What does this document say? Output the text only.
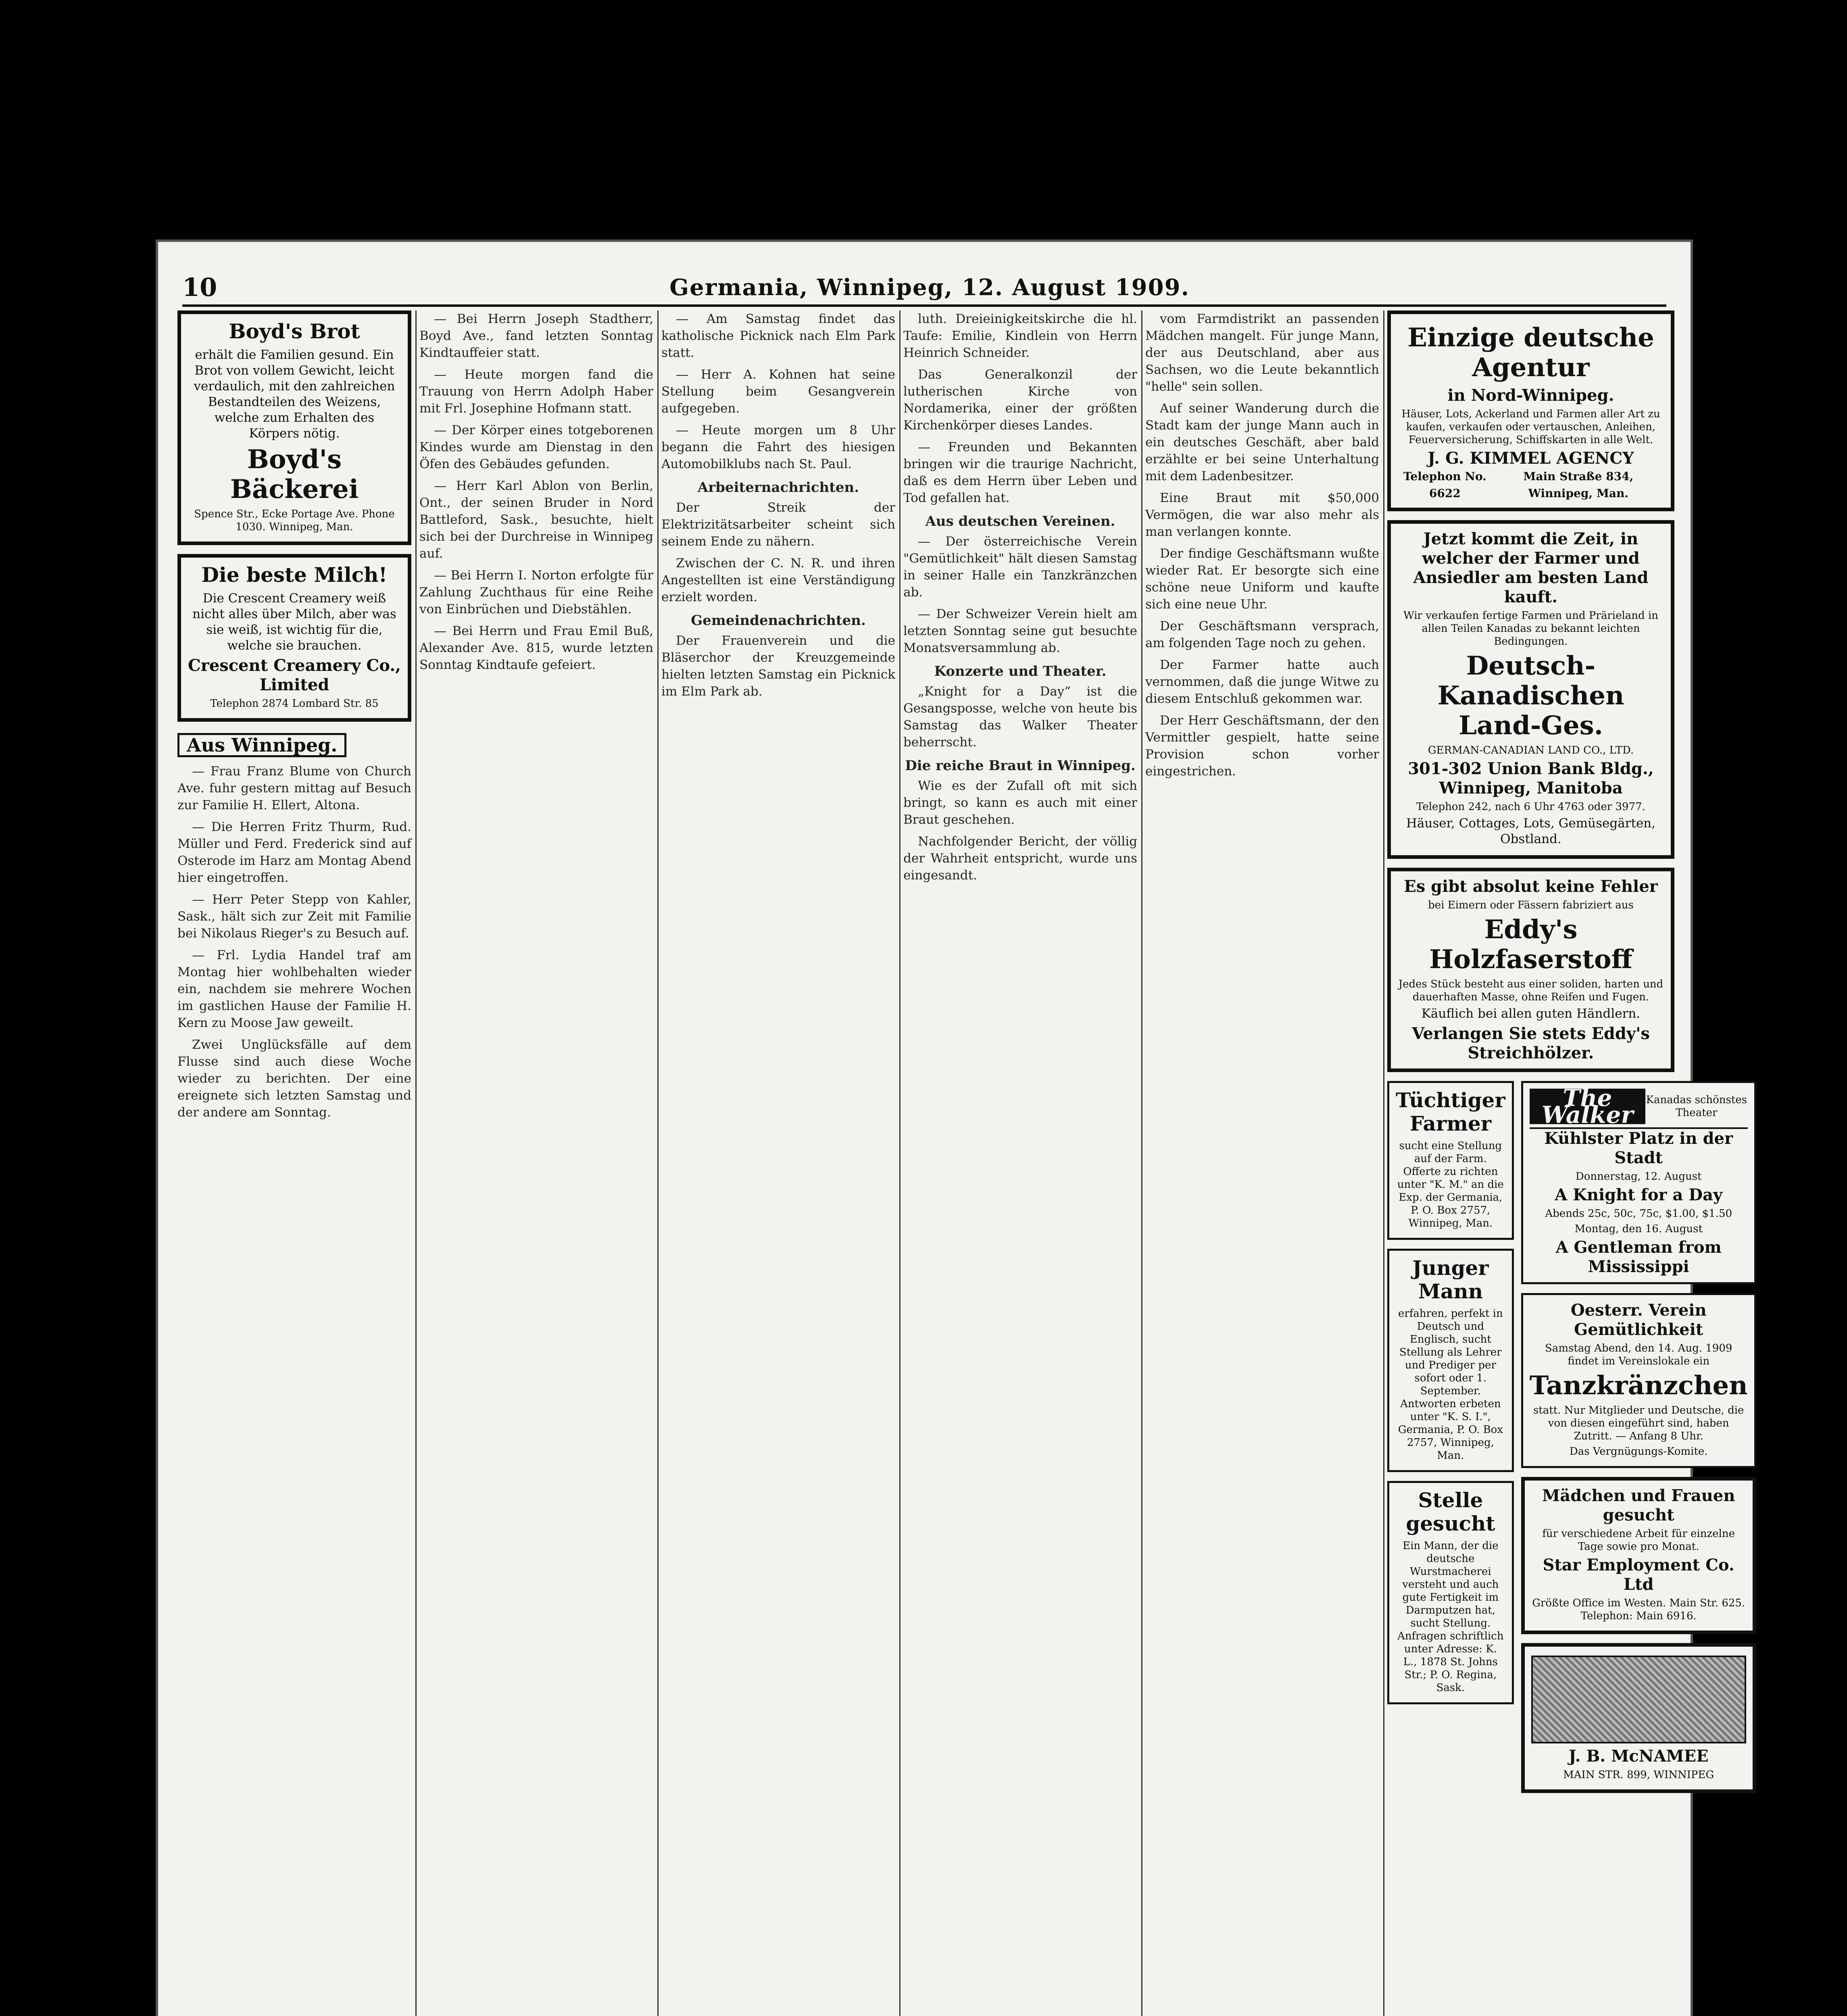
10	Germania, Winnipeg, 12. August 1909.
Boyd's Brot

erhält die Familien gesund. Ein Brot von vollem Gewicht, leicht verdaulich, mit den zahlreichen Bestandteilen des Weizens, welche zum Erhalten des Körpers nötig.

Boyd's Bäckerei

Spence Str., Ecke Portage Ave. Phone 1030. Winnipeg, Man.

Die beste Milch!

Die Crescent Creamery weiß nicht alles über Milch, aber was sie weiß, ist wichtig für die, welche sie brauchen.

Crescent Creamery Co., Limited

Telephon 2874 Lombard Str. 85

Aus Winnipeg.

— Frau Franz Blume von Church Ave. fuhr gestern mittag auf Besuch zur Familie H. Ellert, Altona.

— Die Herren Fritz Thurm, Rud. Müller und Ferd. Frederick sind auf Osterode im Harz am Montag Abend hier eingetroffen.

— Herr Peter Stepp von Kahler, Sask., hält sich zur Zeit mit Familie bei Nikolaus Rieger's zu Besuch auf.

— Frl. Lydia Handel traf am Montag hier wohlbehalten wieder ein, nachdem sie mehrere Wochen im gastlichen Hause der Familie H. Kern zu Moose Jaw geweilt.

Zwei Unglücksfälle auf dem Flusse sind auch diese Woche wieder zu berichten. Der eine ereignete sich letzten Samstag und der andere am Sonntag.

— Bei Herrn Joseph Stadtherr, Boyd Ave., fand letzten Sonntag Kindtauffeier statt.

— Heute morgen fand die Trauung von Herrn Adolph Haber mit Frl. Josephine Hofmann statt.

— Der Körper eines totgeborenen Kindes wurde am Dienstag in den Öfen des Gebäudes gefunden.

— Herr Karl Ablon von Berlin, Ont., der seinen Bruder in Nord Battleford, Sask., besuchte, hielt sich bei der Durchreise in Winnipeg auf.

— Bei Herrn I. Norton erfolgte für Zahlung Zuchthaus für eine Reihe von Einbrüchen und Diebstählen.

— Bei Herrn und Frau Emil Buß, Alexander Ave. 815, wurde letzten Sonntag Kindtaufe gefeiert.

— Am Samstag findet das katholische Picknick nach Elm Park statt.

— Herr A. Kohnen hat seine Stellung beim Gesangverein aufgegeben.

— Heute morgen um 8 Uhr begann die Fahrt des hiesigen Automobilklubs nach St. Paul.

Arbeiternachrichten.

Der Streik der Elektrizitätsarbeiter scheint sich seinem Ende zu nähern.

Zwischen der C. N. R. und ihren Angestellten ist eine Verständigung erzielt worden.

Gemeindenachrichten.

Der Frauenverein und die Bläserchor der Kreuzgemeinde hielten letzten Samstag ein Picknick im Elm Park ab.

luth. Dreieinigkeitskirche die hl. Taufe: Emilie, Kindlein von Herrn Heinrich Schneider.

Das Generalkonzil der lutherischen Kirche von Nordamerika, einer der größten Kirchenkörper dieses Landes.

— Freunden und Bekannten bringen wir die traurige Nachricht, daß es dem Herrn über Leben und Tod gefallen hat.

Aus deutschen Vereinen.

— Der österreichische Verein "Gemütlichkeit" hält diesen Samstag in seiner Halle ein Tanzkränzchen ab.

— Der Schweizer Verein hielt am letzten Sonntag seine gut besuchte Monatsversammlung ab.

Konzerte und Theater.

„Knight for a Day“ ist die Gesangsposse, welche von heute bis Samstag das Walker Theater beherrscht.

Die reiche Braut in Winnipeg.

Wie es der Zufall oft mit sich bringt, so kann es auch mit einer Braut geschehen.

Nachfolgender Bericht, der völlig der Wahrheit entspricht, wurde uns eingesandt.

vom Farmdistrikt an passenden Mädchen mangelt. Für junge Mann, der aus Deutschland, aber aus Sachsen, wo die Leute bekanntlich "helle" sein sollen.

Auf seiner Wanderung durch die Stadt kam der junge Mann auch in ein deutsches Geschäft, aber bald erzählte er bei seine Unterhaltung mit dem Ladenbesitzer.

Eine Braut mit $50,000 Vermögen, die war also mehr als man verlangen konnte.

Der findige Geschäftsmann wußte wieder Rat. Er besorgte sich eine schöne neue Uniform und kaufte sich eine neue Uhr.

Der Geschäftsmann versprach, am folgenden Tage noch zu gehen.

Der Farmer hatte auch vernommen, daß die junge Witwe zu diesem Entschluß gekommen war.

Der Herr Geschäftsmann, der den Vermittler gespielt, hatte seine Provision schon vorher eingestrichen.

Einzige deutsche Agentur
in Nord-Winnipeg.

Häuser, Lots, Ackerland und Farmen aller Art zu kaufen, verkaufen oder vertauschen, Anleihen, Feuerversicherung, Schiffskarten in alle Welt.

J. G. KIMMEL AGENCY
Telephon No. 6622
Main Straße 834, Winnipeg, Man.
Jetzt kommt die Zeit, in welcher der Farmer und Ansiedler am besten Land kauft.

Wir verkaufen fertige Farmen und Prärieland in allen Teilen Kanadas zu bekannt leichten Bedingungen.

Deutsch-Kanadischen Land-Ges.

GERMAN-CANADIAN LAND CO., LTD.

301-302 Union Bank Bldg., Winnipeg, Manitoba

Telephon 242, nach 6 Uhr 4763 oder 3977.

Häuser, Cottages, Lots, Gemüsegärten, Obstland.

Es gibt absolut keine Fehler

bei Eimern oder Fässern fabriziert aus

Eddy's Holzfaserstoff

Jedes Stück besteht aus einer soliden, harten und dauerhaften Masse, ohne Reifen und Fugen.

Käuflich bei allen guten Händlern.

Verlangen Sie stets Eddy's Streichhölzer.
Tüchtiger Farmer

sucht eine Stellung auf der Farm. Offerte zu richten unter "K. M." an die Exp. der Germania, P. O. Box 2757, Winnipeg, Man.

Junger Mann

erfahren, perfekt in Deutsch und Englisch, sucht Stellung als Lehrer und Prediger per sofort oder 1. September. Antworten erbeten unter "K. S. I.", Germania, P. O. Box 2757, Winnipeg, Man.

Stelle gesucht

Ein Mann, der die deutsche Wurstmacherei versteht und auch gute Fertigkeit im Darmputzen hat, sucht Stellung. Anfragen schriftlich unter Adresse: K. L., 1878 St. Johns Str.; P. O. Regina, Sask.

The Walker
Kanadas schönstes Theater
Kühlster Platz in der Stadt

Donnerstag, 12. August

A Knight for a Day

Abends 25c, 50c, 75c, $1.00, $1.50

Montag, den 16. August

A Gentleman from Mississippi
Oesterr. Verein Gemütlichkeit

Samstag Abend, den 14. Aug. 1909 findet im Vereinslokale ein

Tanzkränzchen

statt. Nur Mitglieder und Deutsche, die von diesen eingeführt sind, haben Zutritt. — Anfang 8 Uhr.

Das Vergnügungs-Komite.

Mädchen und Frauen gesucht

für verschiedene Arbeit für einzelne Tage sowie pro Monat.

Star Employment Co. Ltd

Größte Office im Westen. Main Str. 625. Telephon: Main 6916.

J. B. McNAMEE

MAIN STR. 899, WINNIPEG
